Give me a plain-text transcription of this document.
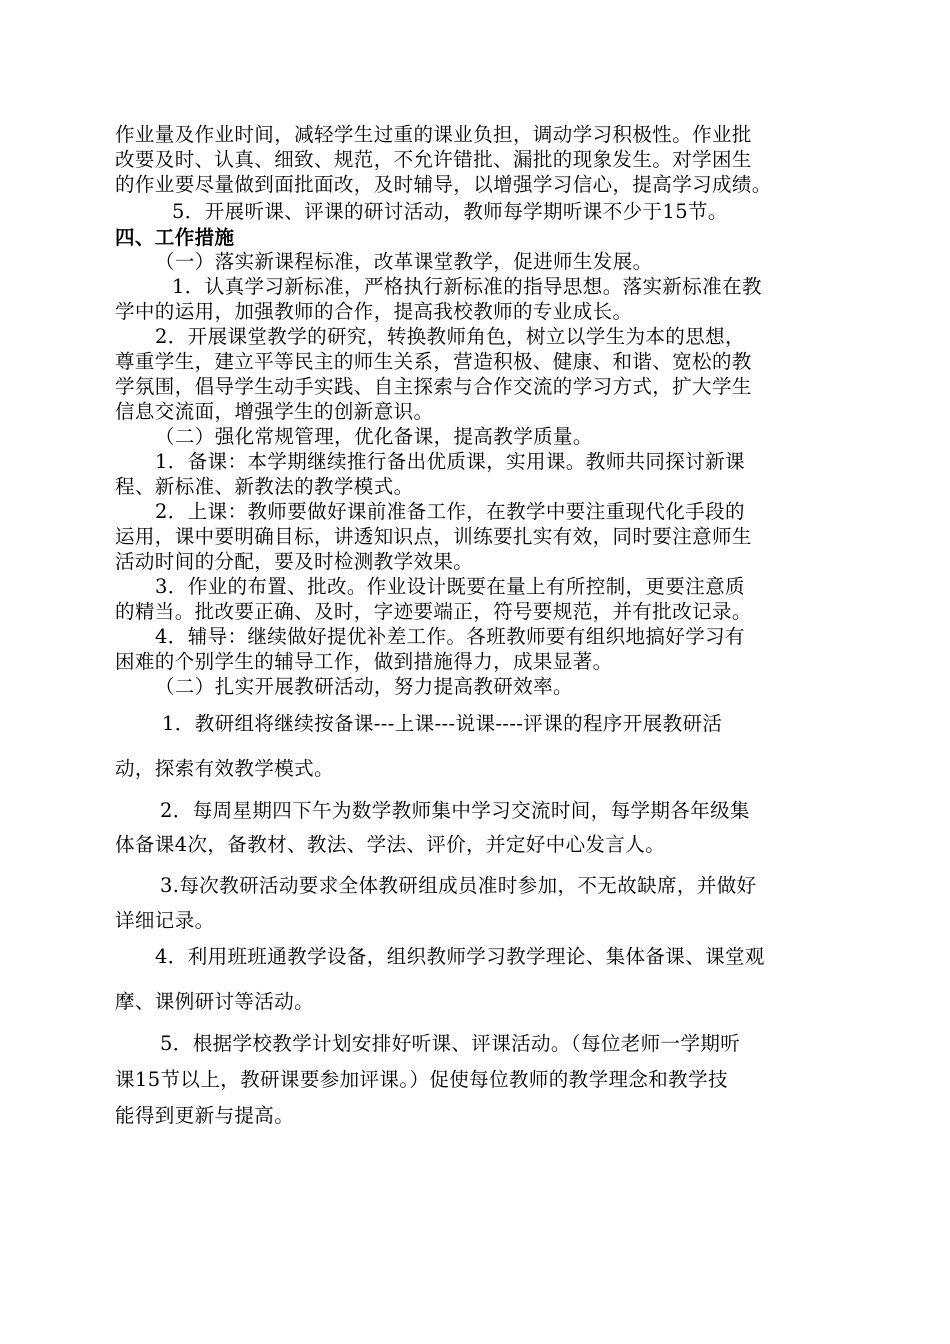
作业量及作业时间，减轻学生过重的课业负担，调动学习积极性。作业批
改要及时、认真、细致、规范，不允许错批、漏批的现象发生。对学困生
的作业要尽量做到面批面改，及时辅导，以增强学习信心，提高学习成绩。
5．开展听课、评课的研讨活动，教师每学期听课不少于15节。
四、工作措施
（一）落实新课程标准，改革课堂教学，促进师生发展。
1．认真学习新标准，严格执行新标准的指导思想。落实新标准在教
学中的运用，加强教师的合作，提高我校教师的专业成长。
2．开展课堂教学的研究，转换教师角色，树立以学生为本的思想，
尊重学生，建立平等民主的师生关系，营造积极、健康、和谐、宽松的教
学氛围，倡导学生动手实践、自主探索与合作交流的学习方式，扩大学生
信息交流面，增强学生的创新意识。
（二）强化常规管理，优化备课，提高教学质量。
1．备课：本学期继续推行备出优质课，实用课。教师共同探讨新课
程、新标准、新教法的教学模式。
2．上课：教师要做好课前准备工作，在教学中要注重现代化手段的
运用，课中要明确目标，讲透知识点，训练要扎实有效，同时要注意师生
活动时间的分配，要及时检测教学效果。
3．作业的布置、批改。作业设计既要在量上有所控制，更要注意质
的精当。批改要正确、及时，字迹要端正，符号要规范，并有批改记录。
4．辅导：继续做好提优补差工作。各班教师要有组织地搞好学习有
困难的个别学生的辅导工作，做到措施得力，成果显著。
（二）扎实开展教研活动，努力提高教研效率。
1．教研组将继续按备课---上课---说课----评课的程序开展教研活
动，探索有效教学模式。
2．每周星期四下午为数学教师集中学习交流时间，每学期各年级集
体备课4次，备教材、教法、学法、评价，并定好中心发言人。
3.每次教研活动要求全体教研组成员准时参加，不无故缺席，并做好
详细记录。
4．利用班班通教学设备，组织教师学习教学理论、集体备课、课堂观
摩、课例研讨等活动。
5．根据学校教学计划安排好听课、评课活动。（每位老师一学期听
课15节以上，教研课要参加评课。）促使每位教师的教学理念和教学技
能得到更新与提高。
